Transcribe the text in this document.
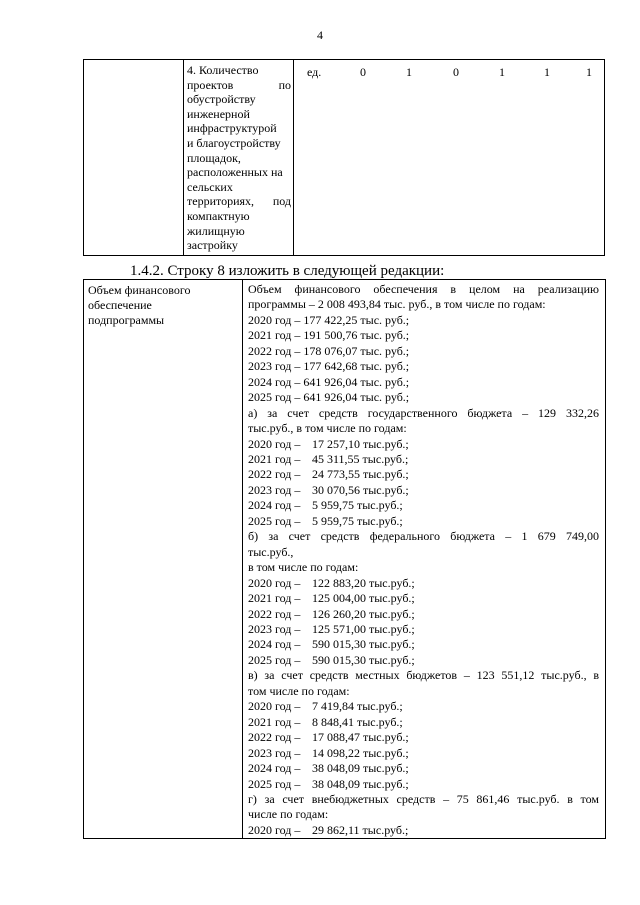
4

4. Количество
проектов по
обустройству
инженерной
инфраструктурой
и благоустройству
площадок,
расположенных на
сельских
территориях, под
компактную
жилищную
застройку

ед.	0	1	0	1	1	1
1.4.2. Строку 8 изложить в следующей редакции:
Объем финансового
обеспечение
подпрограммы

Объем финансового обеспечения в целом на реализацию
программы – 2 008 493,84 тыс. руб., в том числе по годам:
2020 год – 177 422,25 тыс. руб.;
2021 год – 191 500,76 тыс. руб.;
2022 год – 178 076,07 тыс. руб.;
2023 год – 177 642,68 тыс. руб.;
2024 год – 641 926,04 тыс. руб.;
2025 год – 641 926,04 тыс. руб.;
а) за счет средств государственного бюджета – 129 332,26
тыс.руб., в том числе по годам:
2020 год – 17 257,10 тыс.руб.;
2021 год – 45 311,55 тыс.руб.;
2022 год – 24 773,55 тыс.руб.;
2023 год – 30 070,56 тыс.руб.;
2024 год – 5 959,75 тыс.руб.;
2025 год – 5 959,75 тыс.руб.;
б) за счет средств федерального бюджета – 1 679 749,00
тыс.руб.,
в том числе по годам:
2020 год – 122 883,20 тыс.руб.;
2021 год – 125 004,00 тыс.руб.;
2022 год – 126 260,20 тыс.руб.;
2023 год – 125 571,00 тыс.руб.;
2024 год – 590 015,30 тыс.руб.;
2025 год – 590 015,30 тыс.руб.;
в) за счет средств местных бюджетов – 123 551,12 тыс.руб., в
том числе по годам:
2020 год – 7 419,84 тыс.руб.;
2021 год – 8 848,41 тыс.руб.;
2022 год – 17 088,47 тыс.руб.;
2023 год – 14 098,22 тыс.руб.;
2024 год – 38 048,09 тыс.руб.;
2025 год – 38 048,09 тыс.руб.;
г) за счет внебюджетных средств – 75 861,46 тыс.руб. в том
числе по годам:
2020 год – 29 862,11 тыс.руб.;
